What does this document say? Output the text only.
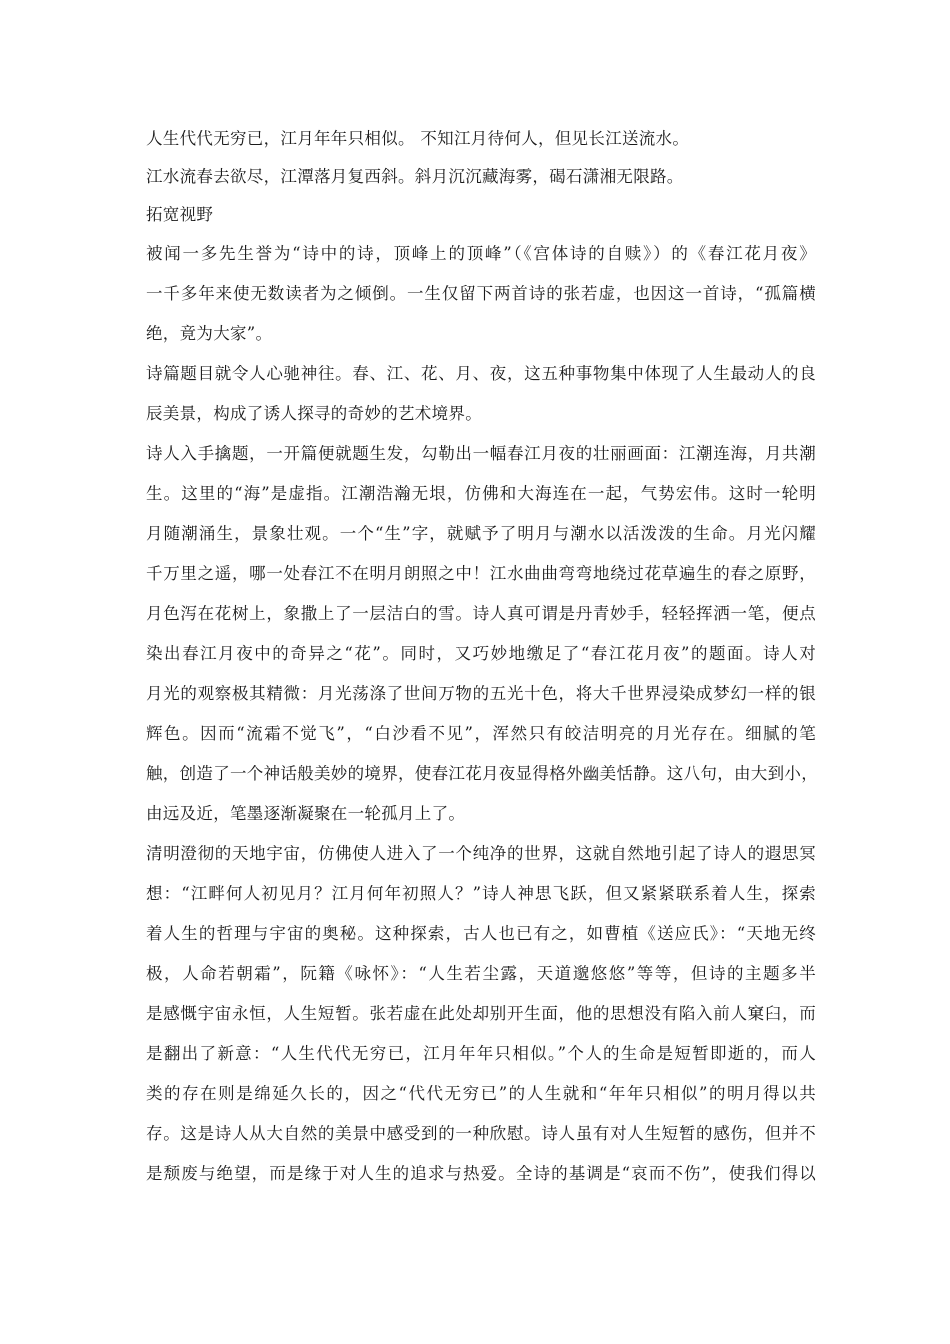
人生代代无穷已，江月年年只相似。 不知江月待何人，但见长江送流水。

江水流春去欲尽，江潭落月复西斜。斜月沉沉藏海雾，碣石潇湘无限路。

拓宽视野

被闻一多先生誉为“诗中的诗，顶峰上的顶峰”（《宫体诗的自赎》）的《春江花月夜》

一千多年来使无数读者为之倾倒。一生仅留下两首诗的张若虚，也因这一首诗，“孤篇横

绝，竟为大家”。

诗篇题目就令人心驰神往。春、江、花、月、夜，这五种事物集中体现了人生最动人的良

辰美景，构成了诱人探寻的奇妙的艺术境界。

诗人入手擒题，一开篇便就题生发，勾勒出一幅春江月夜的壮丽画面：江潮连海，月共潮

生。这里的“海”是虚指。江潮浩瀚无垠，仿佛和大海连在一起，气势宏伟。这时一轮明

月随潮涌生，景象壮观。一个“生”字，就赋予了明月与潮水以活泼泼的生命。月光闪耀

千万里之遥，哪一处春江不在明月朗照之中！江水曲曲弯弯地绕过花草遍生的春之原野，

月色泻在花树上，象撒上了一层洁白的雪。诗人真可谓是丹青妙手，轻轻挥洒一笔，便点

染出春江月夜中的奇异之“花”。同时，又巧妙地缴足了“春江花月夜”的题面。诗人对

月光的观察极其精微：月光荡涤了世间万物的五光十色，将大千世界浸染成梦幻一样的银

辉色。因而“流霜不觉飞”，“白沙看不见”，浑然只有皎洁明亮的月光存在。细腻的笔

触，创造了一个神话般美妙的境界，使春江花月夜显得格外幽美恬静。这八句，由大到小，

由远及近，笔墨逐渐凝聚在一轮孤月上了。

清明澄彻的天地宇宙，仿佛使人进入了一个纯净的世界，这就自然地引起了诗人的遐思冥

想：“江畔何人初见月？江月何年初照人？”诗人神思飞跃，但又紧紧联系着人生，探索

着人生的哲理与宇宙的奥秘。这种探索，古人也已有之，如曹植《送应氏》：“天地无终

极，人命若朝霜”，阮籍《咏怀》：“人生若尘露，天道邈悠悠”等等，但诗的主题多半

是感慨宇宙永恒，人生短暂。张若虚在此处却别开生面，他的思想没有陷入前人窠臼，而

是翻出了新意：“人生代代无穷已，江月年年只相似。”个人的生命是短暂即逝的，而人

类的存在则是绵延久长的，因之“代代无穷已”的人生就和“年年只相似”的明月得以共

存。这是诗人从大自然的美景中感受到的一种欣慰。诗人虽有对人生短暂的感伤，但并不

是颓废与绝望，而是缘于对人生的追求与热爱。全诗的基调是“哀而不伤”，使我们得以
